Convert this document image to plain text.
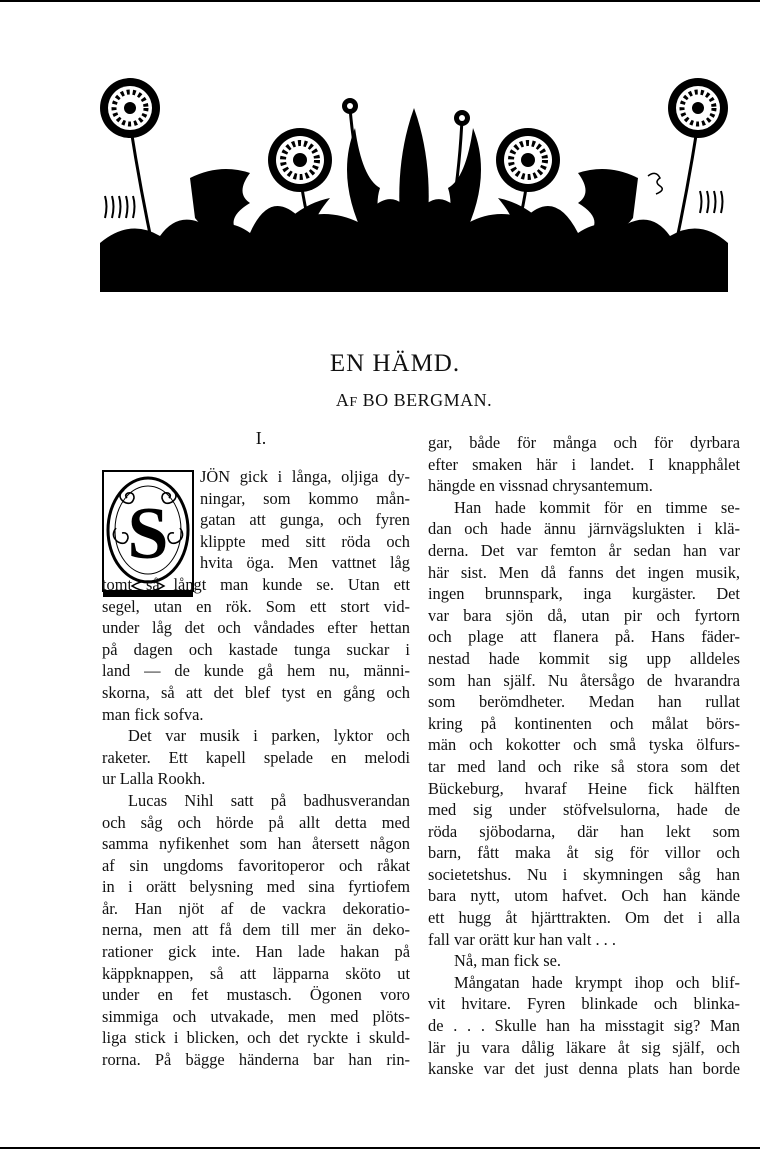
EN HÄMD.
AF BO BERGMAN.
I.
S
JÖN gick i långa, oljiga dy-
ningar, som kommo mån-
gatan att gunga, och fyren
klippte med sitt röda och
hvita öga. Men vattnet låg
tomt så långt man kunde se. Utan ett
segel, utan en rök. Som ett stort vid-
under låg det och våndades efter hettan
på dagen och kastade tunga suckar i
land — de kunde gå hem nu, männi-
skorna, så att det blef tyst en gång och
man fick sofva.
Det var musik i parken, lyktor och
raketer. Ett kapell spelade en melodi
ur Lalla Rookh.
Lucas Nihl satt på badhusverandan
och såg och hörde på allt detta med
samma nyfikenhet som han återsett någon
af sin ungdoms favoritoperor och råkat
in i orätt belysning med sina fyrtiofem
år. Han njöt af de vackra dekoratio-
nerna, men att få dem till mer än deko-
rationer gick inte. Han lade hakan på
käppknappen, så att läpparna sköto ut
under en fet mustasch. Ögonen voro
simmiga och utvakade, men med plöts-
liga stick i blicken, och det ryckte i skuld-
rorna. På bägge händerna bar han rin-
gar, både för många och för dyrbara
efter smaken här i landet. I knapphålet
hängde en vissnad chrysantemum.
Han hade kommit för en timme se-
dan och hade ännu järnvägslukten i klä-
derna. Det var femton år sedan han var
här sist. Men då fanns det ingen musik,
ingen brunnspark, inga kurgäster. Det
var bara sjön då, utan pir och fyrtorn
och plage att flanera på. Hans fäder-
nestad hade kommit sig upp alldeles
som han själf. Nu återsågo de hvarandra
som berömdheter. Medan han rullat
kring på kontinenten och målat börs-
män och kokotter och små tyska ölfurs-
tar med land och rike så stora som det
Bückeburg, hvaraf Heine fick hälften
med sig under stöfvelsulorna, hade de
röda sjöbodarna, där han lekt som
barn, fått maka åt sig för villor och
societetshus. Nu i skymningen såg han
bara nytt, utom hafvet. Och han kände
ett hugg åt hjärttrakten. Om det i alla
fall var orätt kur han valt . . .
Nå, man fick se.
Mångatan hade krympt ihop och blif-
vit hvitare. Fyren blinkade och blinka-
de . . . Skulle han ha misstagit sig? Man
lär ju vara dålig läkare åt sig själf, och
kanske var det just denna plats han borde
